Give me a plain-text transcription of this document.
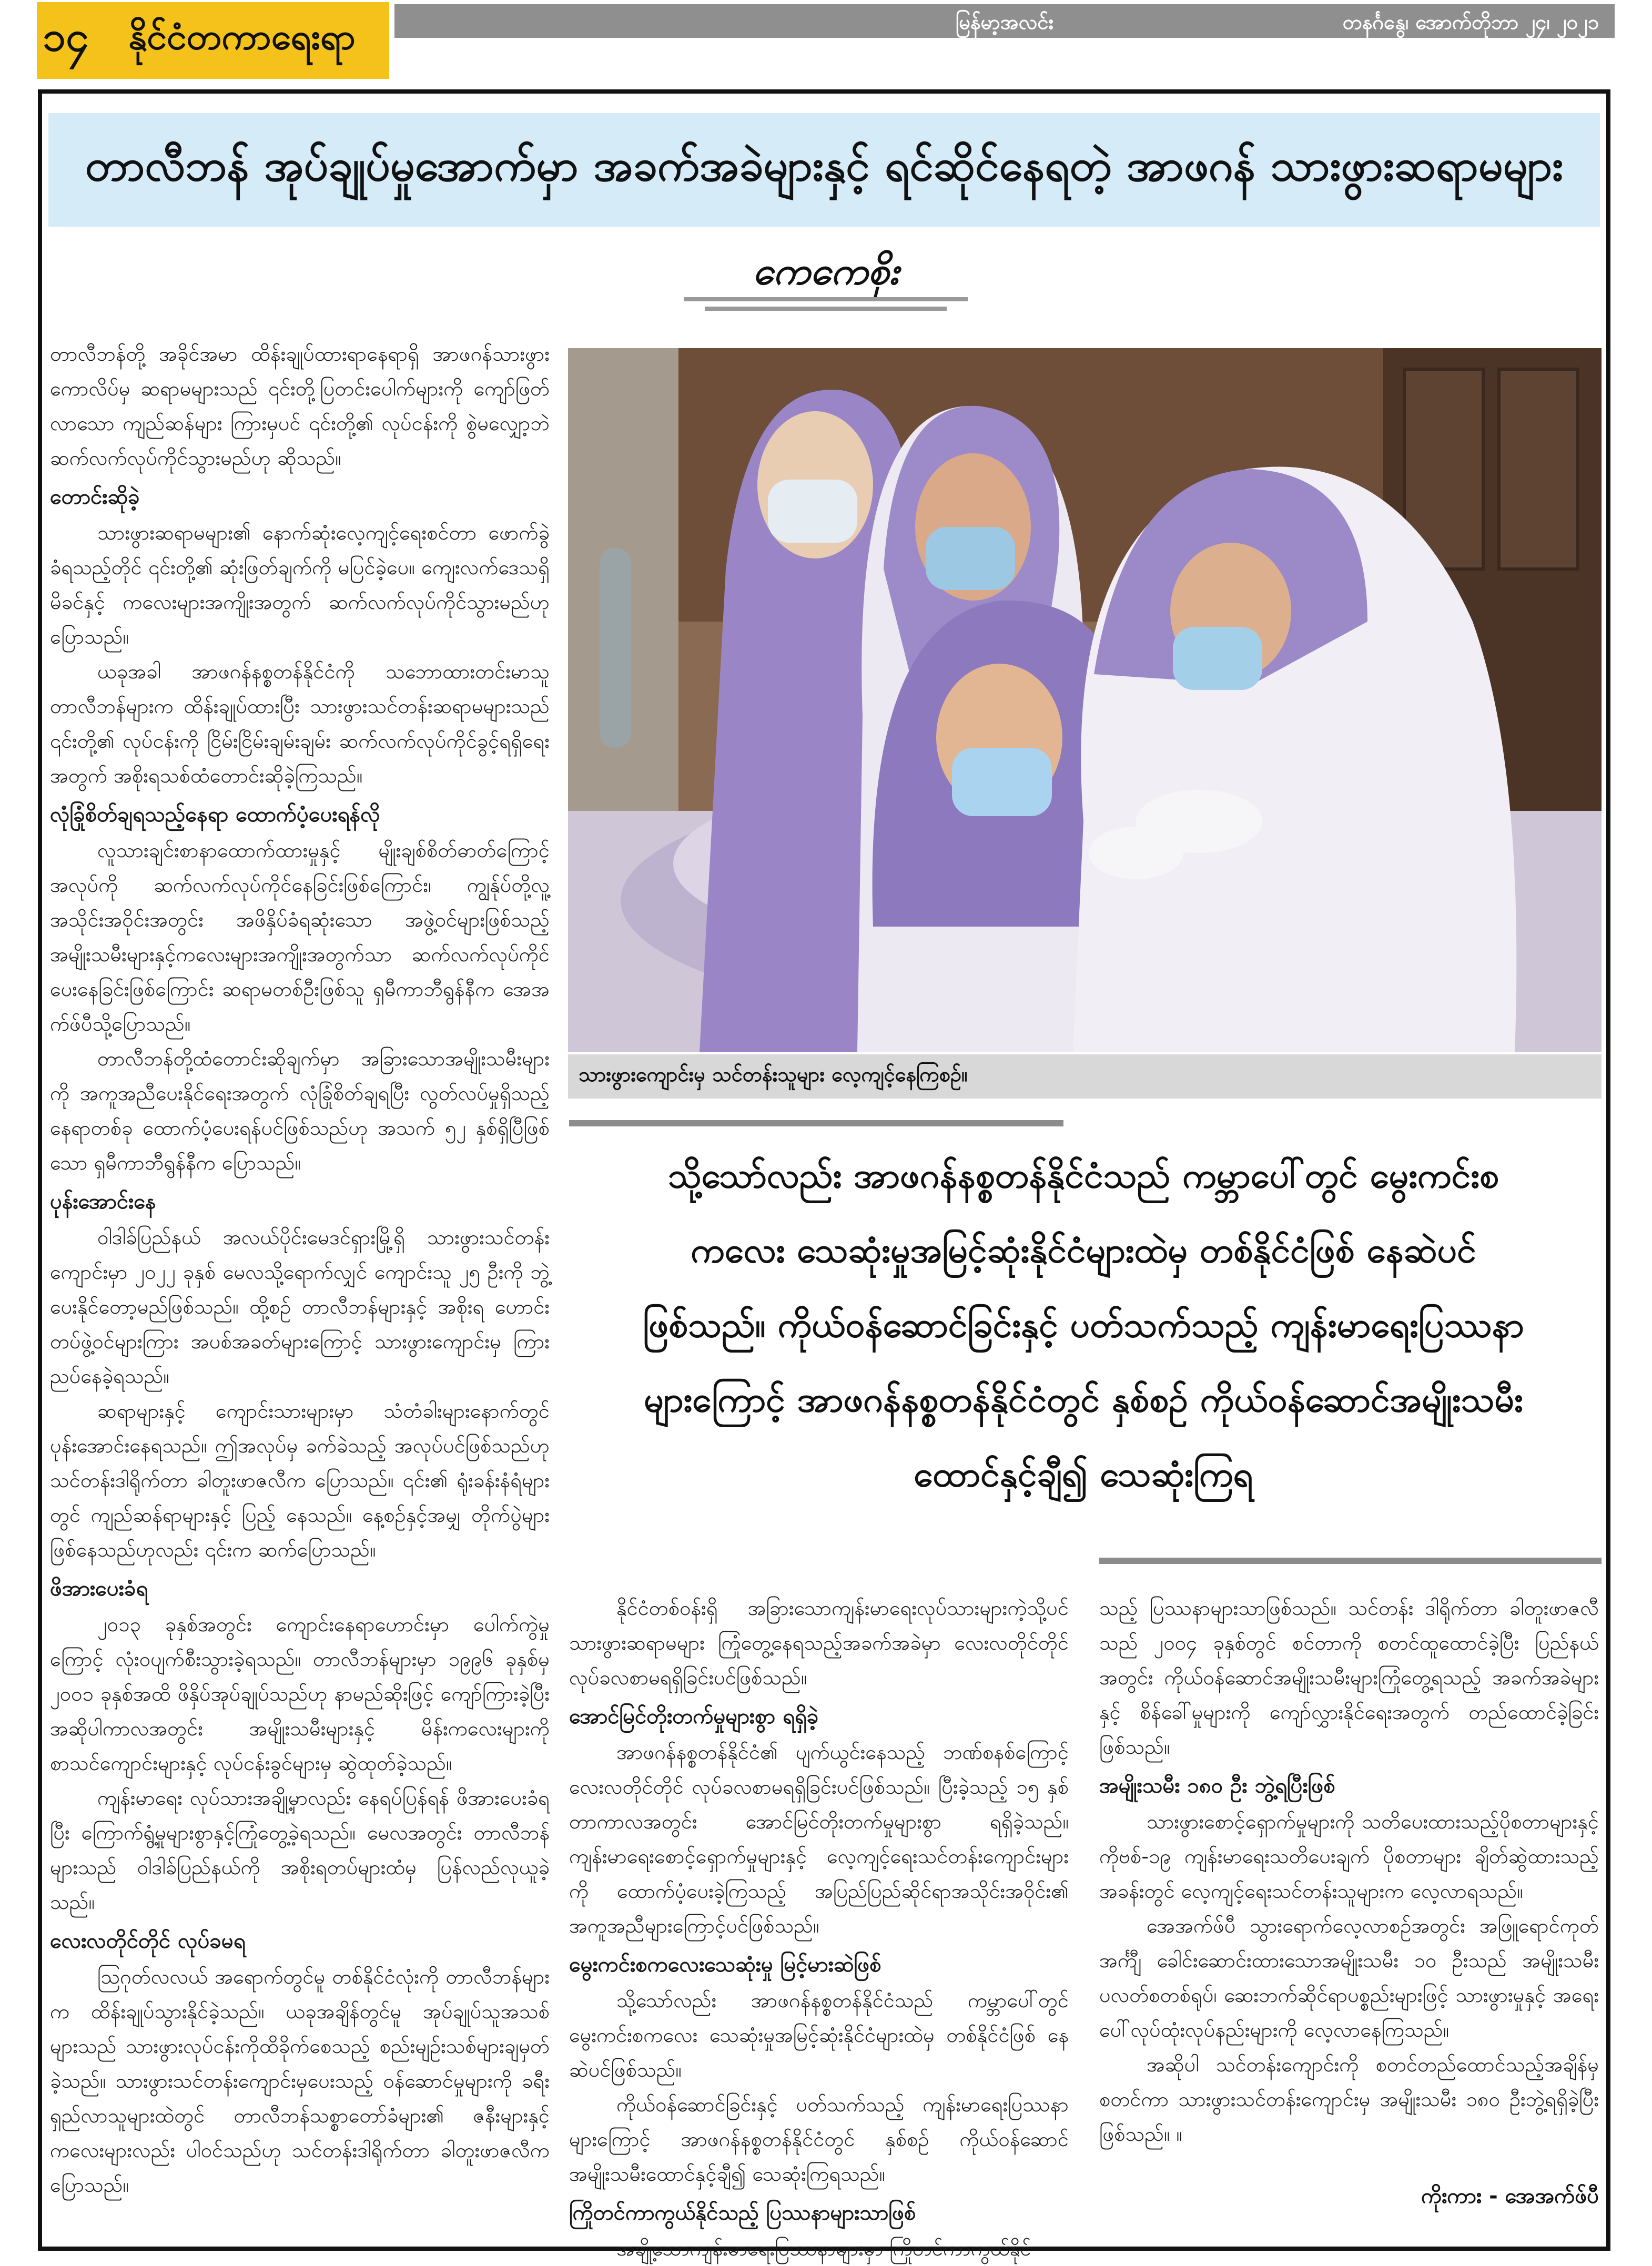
၁၄	နိုင်ငံတကာရေးရာ	မြန်မာ့အလင်း	တနင်္ဂနွေ၊ အောက်တိုဘာ ၂၄၊ ၂၀၂၁
တာလီဘန် အုပ်ချုပ်မှုအောက်မှာ အခက်အခဲများနှင့် ရင်ဆိုင်နေရတဲ့ အာဖဂန် သားဖွားဆရာမများ
ကေကေစိုး

တာလီဘန်တို့ အခိုင်အမာ ထိန်းချုပ်ထားရာနေရာရှိ အာဖဂန်သားဖွားကောလိပ်မှ ဆရာမများသည် ၎င်းတို့ပြတင်းပေါက်များကို ကျော်ဖြတ်လာသော ကျည်ဆန်များ ကြားမှပင် ၎င်းတို့၏ လုပ်ငန်းကို စွဲမလျှော့ဘဲ ဆက်လက်လုပ်ကိုင်သွားမည်ဟု ဆိုသည်။

တောင်းဆိုခဲ့

သားဖွားဆရာမများ၏ နောက်ဆုံးလေ့ကျင့်ရေးစင်တာ ဖောက်ခွဲခံရသည့်တိုင် ၎င်းတို့၏ ဆုံးဖြတ်ချက်ကို မပြင်ခဲ့ပေ။ ကျေးလက်ဒေသရှိ မိခင်နှင့် ကလေးများအကျိုးအတွက် ဆက်လက်လုပ်ကိုင်သွားမည်ဟု ပြောသည်။

ယခုအခါ အာဖဂန်နစ္စတန်နိုင်ငံကို သဘောထားတင်းမာသူ တာလီဘန်များက ထိန်းချုပ်ထားပြီး သားဖွားသင်တန်းဆရာမများသည် ၎င်းတို့၏ လုပ်ငန်းကို ငြိမ်းငြိမ်းချမ်းချမ်း ဆက်လက်လုပ်ကိုင်ခွင့်ရရှိရေးအတွက် အစိုးရသစ်ထံတောင်းဆိုခဲ့ကြသည်။

လုံခြုံစိတ်ချရသည့်နေရာ ထောက်ပံ့ပေးရန်လို

လူသားချင်းစာနာထောက်ထားမှုနှင့် မျိုးချစ်စိတ်ဓာတ်ကြောင့် အလုပ်ကို ဆက်လက်လုပ်ကိုင်နေခြင်းဖြစ်ကြောင်း၊ ကျွန်ုပ်တို့လူ့ အသိုင်းအဝိုင်းအတွင်း အဖိနှိပ်ခံရဆုံးသော အဖွဲ့ဝင်များဖြစ်သည့် အမျိုးသမီးများနှင့်ကလေးများအကျိုးအတွက်သာ ဆက်လက်လုပ်ကိုင်ပေးနေခြင်းဖြစ်ကြောင်း ဆရာမတစ်ဦးဖြစ်သူ ရှမီကာဘီရွန်နီက အေအက်ဖ်ပီသို့ပြောသည်။

တာလီဘန်တို့ထံတောင်းဆိုချက်မှာ အခြားသောအမျိုးသမီးများကို အကူအညီပေးနိုင်ရေးအတွက် လုံခြုံစိတ်ချရပြီး လွတ်လပ်မှုရှိသည့် နေရာတစ်ခု ထောက်ပံ့ပေးရန်ပင်ဖြစ်သည်ဟု အသက် ၅၂ နှစ်ရှိပြီဖြစ်သော ရှမီကာဘီရွန်နီက ပြောသည်။

ပုန်းအောင်းနေ

ဝါဒါခ်ပြည်နယ် အလယ်ပိုင်းမေဒင်ရှားမြို့ရှိ သားဖွားသင်တန်းကျောင်းမှာ ၂၀၂၂ ခုနှစ် မေလသို့ရောက်လျှင် ကျောင်းသူ ၂၅ ဦးကို ဘွဲ့ပေးနိုင်တော့မည်ဖြစ်သည်။ ထို့စဉ် တာလီဘန်များနှင့် အစိုးရ ဟောင်းတပ်ဖွဲ့ဝင်များကြား အပစ်အခတ်များကြောင့် သားဖွားကျောင်းမှ ကြားညပ်နေခဲ့ရသည်။

ဆရာများနှင့် ကျောင်းသားများမှာ သံတံခါးများနောက်တွင် ပုန်းအောင်းနေရသည်။ ဤအလုပ်မှ ခက်ခဲသည့် အလုပ်ပင်ဖြစ်သည်ဟု သင်တန်းဒါရိုက်တာ ခါတူးဖာဇလီက ပြောသည်။ ၎င်း၏ ရုံးခန်းနံရံများတွင် ကျည်ဆန်ရာများနှင့် ပြည့် နေသည်။ နေ့စဉ်နှင့်အမျှ တိုက်ပွဲများဖြစ်နေသည်ဟုလည်း ၎င်းက ဆက်ပြောသည်။

ဖိအားပေးခံရ

၂၀၁၃ ခုနှစ်အတွင်း ကျောင်းနေရာဟောင်းမှာ ပေါက်ကွဲမှုကြောင့် လုံးဝပျက်စီးသွားခဲ့ရသည်။ တာလီဘန်များမှာ ၁၉၉၆ ခုနှစ်မှ ၂၀၀၁ ခုနှစ်အထိ ဖိနှိပ်အုပ်ချုပ်သည်ဟု နာမည်ဆိုးဖြင့် ကျော်ကြားခဲ့ပြီး အဆိုပါကာလအတွင်း အမျိုးသမီးများနှင့် မိန်းကလေးများကို စာသင်ကျောင်းများနှင့် လုပ်ငန်းခွင်များမှ ဆွဲထုတ်ခဲ့သည်။

ကျန်းမာရေး လုပ်သားအချို့မှာလည်း နေရပ်ပြန်ရန် ဖိအားပေးခံရပြီး ကြောက်ရွံ့မှုများစွာနှင့်ကြုံတွေ့ခဲ့ရသည်။ မေလအတွင်း တာလီဘန်များသည် ဝါဒါခ်ပြည်နယ်ကို အစိုးရတပ်များထံမှ ပြန်လည်လုယူခဲ့သည်။

လေးလတိုင်တိုင် လုပ်ခမရ

ဩဂုတ်လလယ် အရောက်တွင်မူ တစ်နိုင်ငံလုံးကို တာလီဘန်များက ထိန်းချုပ်သွားနိုင်ခဲ့သည်။ ယခုအချိန်တွင်မူ အုပ်ချုပ်သူအသစ်များသည် သားဖွားလုပ်ငန်းကိုထိခိုက်စေသည့် စည်းမျဉ်းသစ်များချမှတ်ခဲ့သည်။ သားဖွားသင်တန်းကျောင်းမှပေးသည့် ဝန်ဆောင်မှုများကို ခရီးရှည်လာသူများထဲတွင် တာလီဘန်သစ္စာတော်ခံများ၏ ဇနီးများနှင့် ကလေးများလည်း ပါဝင်သည်ဟု သင်တန်းဒါရိုက်တာ ခါတူးဖာဇလီက ပြောသည်။

သားဖွားကျောင်းမှ သင်တန်းသူများ လေ့ကျင့်နေကြစဉ်။
သို့သော်လည်း အာဖဂန်နစ္စတန်နိုင်ငံသည် ကမ္ဘာပေါ်တွင် မွေးကင်းစကလေး သေဆုံးမှုအမြင့်ဆုံးနိုင်ငံများထဲမှ တစ်နိုင်ငံဖြစ် နေဆဲပင်ဖြစ်သည်။ ကိုယ်ဝန်ဆောင်ခြင်းနှင့် ပတ်သက်သည့် ကျန်းမာရေးပြဿနာများကြောင့် အာဖဂန်နစ္စတန်နိုင်ငံတွင် နှစ်စဉ် ကိုယ်ဝန်ဆောင်အမျိုးသမီး ထောင်နှင့်ချီ၍ သေဆုံးကြရ

နိုင်ငံတစ်ဝန်းရှိ အခြားသောကျန်းမာရေးလုပ်သားများကဲ့သို့ပင် သားဖွားဆရာမများ ကြုံတွေ့နေရသည့်အခက်အခဲမှာ လေးလတိုင်တိုင် လုပ်ခလစာမရရှိခြင်းပင်ဖြစ်သည်။

အောင်မြင်တိုးတက်မှုများစွာ ရရှိခဲ့

အာဖဂန်နစ္စတန်နိုင်ငံ၏ ပျက်ယွင်းနေသည့် ဘဏ်စနစ်ကြောင့် လေးလတိုင်တိုင် လုပ်ခလစာမရရှိခြင်းပင်ဖြစ်သည်။ ပြီးခဲ့သည့် ၁၅ နှစ်တာကာလအတွင်း အောင်မြင်တိုးတက်မှုများစွာ ရရှိခဲ့သည်။ ကျန်းမာရေးစောင့်ရှောက်မှုများနှင့် လေ့ကျင့်ရေးသင်တန်းကျောင်းများကို ထောက်ပံ့ပေးခဲ့ကြသည့် အပြည်ပြည်ဆိုင်ရာအသိုင်းအဝိုင်း၏ အကူအညီများကြောင့်ပင်ဖြစ်သည်။

မွေးကင်းစကလေးသေဆုံးမှု မြင့်မားဆဲဖြစ်

သို့သော်လည်း အာဖဂန်နစ္စတန်နိုင်ငံသည် ကမ္ဘာပေါ်တွင် မွေးကင်းစကလေး သေဆုံးမှုအမြင့်ဆုံးနိုင်ငံများထဲမှ တစ်နိုင်ငံဖြစ် နေဆဲပင်ဖြစ်သည်။

ကိုယ်ဝန်ဆောင်ခြင်းနှင့် ပတ်သက်သည့် ကျန်းမာရေးပြဿနာများကြောင့် အာဖဂန်နစ္စတန်နိုင်ငံတွင် နှစ်စဉ် ကိုယ်ဝန်ဆောင် အမျိုးသမီးထောင်နှင့်ချီ၍ သေဆုံးကြရသည်။

ကြိုတင်ကာကွယ်နိုင်သည့် ပြဿနာများသာဖြစ်

အချို့သောကျန်းမာရေးပြဿနာများမှာ ကြိုတင်ကာကွယ်နိုင်

သည့် ပြဿနာများသာဖြစ်သည်။ သင်တန်း ဒါရိုက်တာ ခါတူးဖာဇလီ သည် ၂၀၀၄ ခုနှစ်တွင် စင်တာကို စတင်ထူထောင်ခဲ့ပြီး ပြည်နယ်အတွင်း ကိုယ်ဝန်ဆောင်အမျိုးသမီးများကြုံတွေ့ရသည့် အခက်အခဲများနှင့် စိန်ခေါ်မှုများကို ကျော်လွှားနိုင်ရေးအတွက် တည်ထောင်ခဲ့ခြင်းဖြစ်သည်။

အမျိုးသမီး ၁၈၀ ဦး ဘွဲ့ရပြီးဖြစ်

သားဖွားစောင့်ရှောက်မှုများကို သတိပေးထားသည့်ပိုစတာများနှင့် ကိုဗစ်-၁၉ ကျန်းမာရေးသတိပေးချက် ပိုစတာများ ချိတ်ဆွဲထားသည့် အခန်းတွင် လေ့ကျင့်ရေးသင်တန်းသူများက လေ့လာရသည်။

အေအက်ဖ်ပီ သွားရောက်လေ့လာစဉ်အတွင်း အဖြူရောင်ကုတ် အင်္ကျီ ခေါင်းဆောင်းထားသောအမျိုးသမီး ၁၀ ဦးသည် အမျိုးသမီး ပလတ်စတစ်ရုပ်၊ ဆေးဘက်ဆိုင်ရာပစ္စည်းများဖြင့် သားဖွားမှုနှင့် အရေးပေါ်လုပ်ထုံးလုပ်နည်းများကို လေ့လာနေကြသည်။

အဆိုပါ သင်တန်းကျောင်းကို စတင်တည်ထောင်သည့်အချိန်မှ စတင်ကာ သားဖွားသင်တန်းကျောင်းမှ အမျိုးသမီး ၁၈၀ ဦးဘွဲ့ရရှိခဲ့ပြီးဖြစ်သည်။ ။

ကိုးကား - အေအက်ဖ်ပီ
